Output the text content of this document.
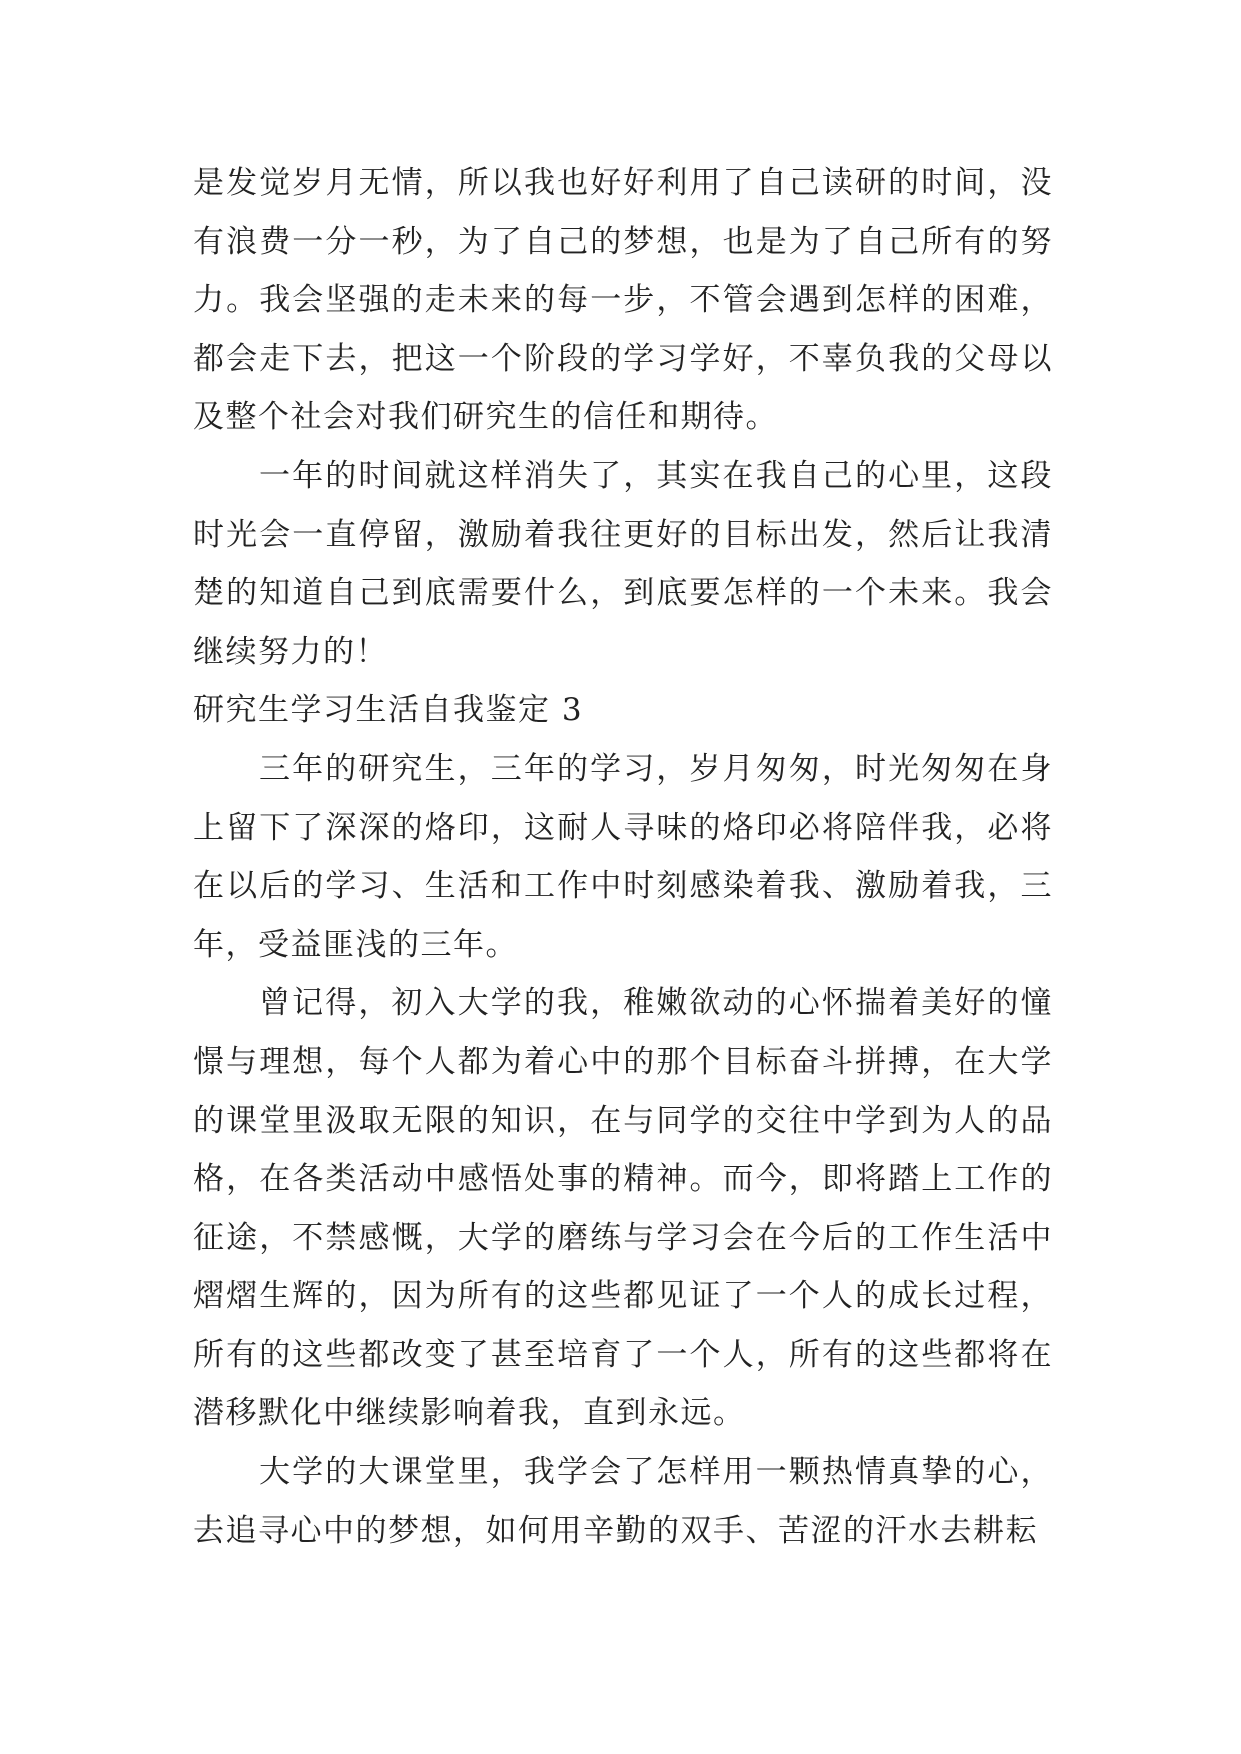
是发觉岁月无情，所以我也好好利用了自己读研的时间，没有浪费一分一秒，为了自己的梦想，也是为了自己所有的努力。我会坚强的走未来的每一步，不管会遇到怎样的困难，都会走下去，把这一个阶段的学习学好，不辜负我的父母以及整个社会对我们研究生的信任和期待。

一年的时间就这样消失了，其实在我自己的心里，这段时光会一直停留，激励着我往更好的目标出发，然后让我清楚的知道自己到底需要什么，到底要怎样的一个未来。我会继续努力的！

研究生学习生活自我鉴定 3

三年的研究生，三年的学习，岁月匆匆，时光匆匆在身上留下了深深的烙印，这耐人寻味的烙印必将陪伴我，必将在以后的学习、生活和工作中时刻感染着我、激励着我，三年，受益匪浅的三年。

曾记得，初入大学的我，稚嫩欲动的心怀揣着美好的憧憬与理想，每个人都为着心中的那个目标奋斗拼搏，在大学的课堂里汲取无限的知识，在与同学的交往中学到为人的品格，在各类活动中感悟处事的精神。而今，即将踏上工作的征途，不禁感慨，大学的磨练与学习会在今后的工作生活中熠熠生辉的，因为所有的这些都见证了一个人的成长过程，所有的这些都改变了甚至培育了一个人，所有的这些都将在潜移默化中继续影响着我，直到永远。

大学的大课堂里，我学会了怎样用一颗热情真挚的心，去追寻心中的梦想，如何用辛勤的双手、苦涩的汗水去耕耘
